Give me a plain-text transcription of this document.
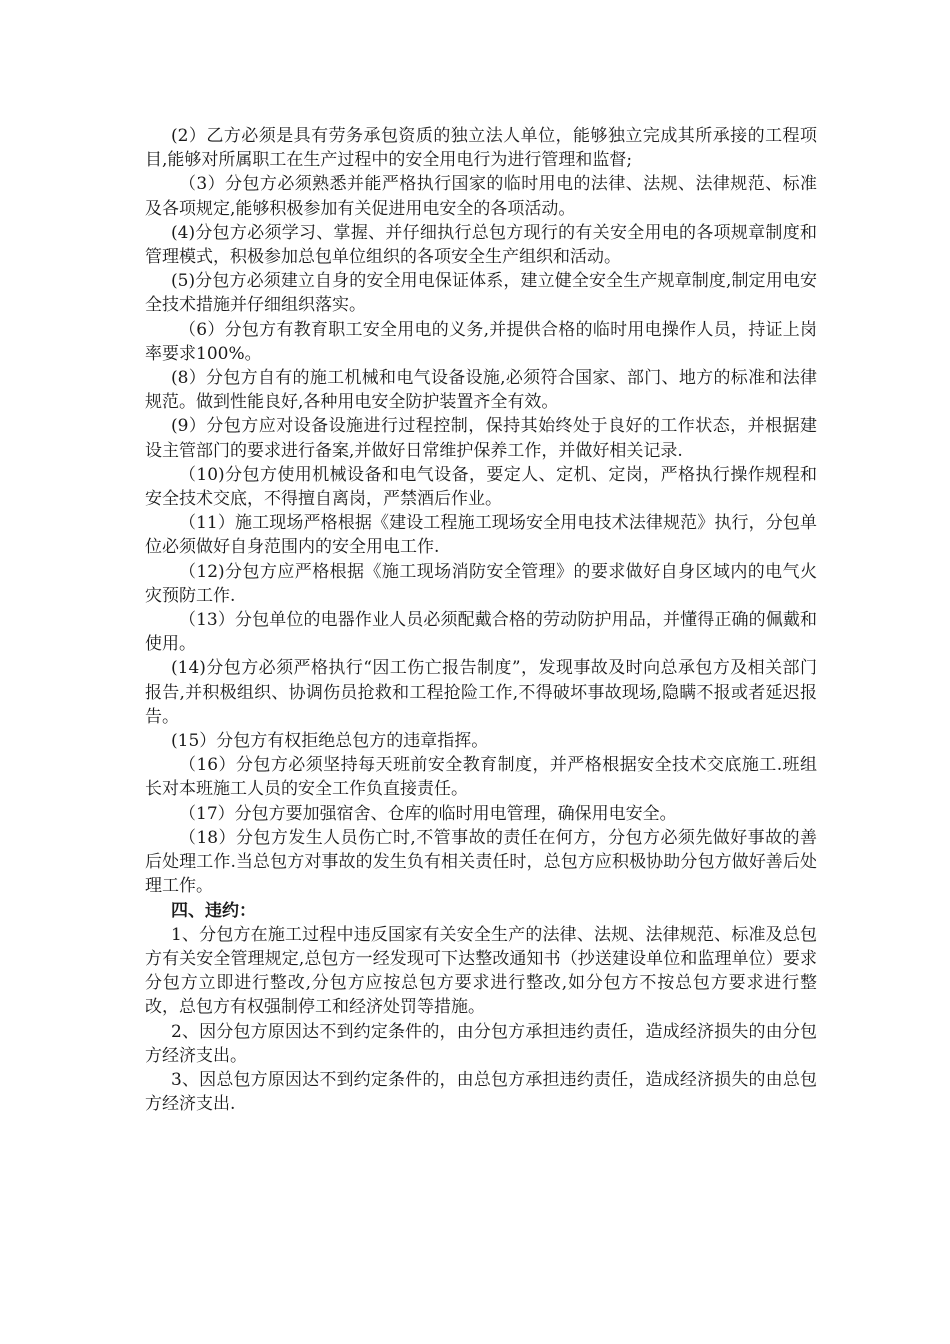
(2）乙方必须是具有劳务承包资质的独立法人单位，能够独立完成其所承接的工程项目,能够对所属职工在生产过程中的安全用电行为进行管理和监督;

（3）分包方必须熟悉并能严格执行国家的临时用电的法律、法规、法律规范、标准及各项规定,能够积极参加有关促进用电安全的各项活动。

(4)分包方必须学习、掌握、并仔细执行总包方现行的有关安全用电的各项规章制度和管理模式，积极参加总包单位组织的各项安全生产组织和活动。

(5)分包方必须建立自身的安全用电保证体系，建立健全安全生产规章制度,制定用电安全技术措施并仔细组织落实。

（6）分包方有教育职工安全用电的义务,并提供合格的临时用电操作人员，持证上岗率要求100%。

(8）分包方自有的施工机械和电气设备设施,必须符合国家、部门、地方的标准和法律规范。做到性能良好,各种用电安全防护装置齐全有效。

(9）分包方应对设备设施进行过程控制，保持其始终处于良好的工作状态，并根据建设主管部门的要求进行备案,并做好日常维护保养工作，并做好相关记录.

（10)分包方使用机械设备和电气设备，要定人、定机、定岗，严格执行操作规程和安全技术交底，不得擅自离岗，严禁酒后作业。

（11）施工现场严格根据《建设工程施工现场安全用电技术法律规范》执行，分包单位必须做好自身范围内的安全用电工作.

（12)分包方应严格根据《施工现场消防安全管理》的要求做好自身区域内的电气火灾预防工作.

（13）分包单位的电器作业人员必须配戴合格的劳动防护用品，并懂得正确的佩戴和使用。

(14)分包方必须严格执行“因工伤亡报告制度”，发现事故及时向总承包方及相关部门报告,并积极组织、协调伤员抢救和工程抢险工作,不得破坏事故现场,隐瞒不报或者延迟报告。

(15）分包方有权拒绝总包方的违章指挥。

（16）分包方必须坚持每天班前安全教育制度，并严格根据安全技术交底施工.班组长对本班施工人员的安全工作负直接责任。

（17）分包方要加强宿舍、仓库的临时用电管理，确保用电安全。

（18）分包方发生人员伤亡时,不管事故的责任在何方，分包方必须先做好事故的善后处理工作.当总包方对事故的发生负有相关责任时，总包方应积极协助分包方做好善后处理工作。

四、违约：

1、分包方在施工过程中违反国家有关安全生产的法律、法规、法律规范、标准及总包方有关安全管理规定,总包方一经发现可下达整改通知书（抄送建设单位和监理单位）要求分包方立即进行整改,分包方应按总包方要求进行整改,如分包方不按总包方要求进行整改，总包方有权强制停工和经济处罚等措施。

2、因分包方原因达不到约定条件的，由分包方承担违约责任，造成经济损失的由分包方经济支出。

3、因总包方原因达不到约定条件的，由总包方承担违约责任，造成经济损失的由总包方经济支出.
